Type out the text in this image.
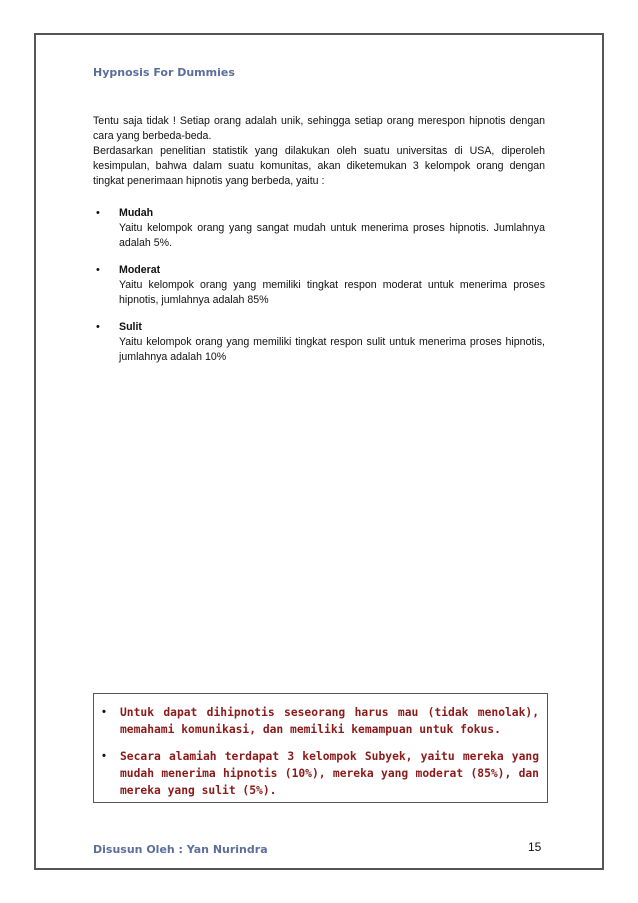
Hypnosis For Dummies

Tentu saja tidak ! Setiap orang adalah unik, sehingga setiap orang merespon hipnotis dengan cara yang berbeda-beda.

Berdasarkan penelitian statistik yang dilakukan oleh suatu universitas di USA, diperoleh kesimpulan, bahwa dalam suatu komunitas, akan diketemukan 3 kelompok orang dengan tingkat penerimaan hipnotis yang berbeda, yaitu :

• Mudah
Yaitu kelompok orang yang sangat mudah untuk menerima proses hipnotis. Jumlahnya adalah 5%.
• Moderat
Yaitu kelompok orang yang memiliki tingkat respon moderat untuk menerima proses hipnotis, jumlahnya adalah 85%
• Sulit
Yaitu kelompok orang yang memiliki tingkat respon sulit untuk menerima proses hipnotis, jumlahnya adalah 10%
• Untuk dapat dihipnotis seseorang harus mau (tidak menolak), memahami komunikasi, dan memiliki kemampuan untuk fokus.
• Secara alamiah terdapat 3 kelompok Subyek, yaitu mereka yang mudah menerima hipnotis (10%), mereka yang moderat (85%), dan mereka yang sulit (5%).
Disusun Oleh : Yan Nurindra	15
